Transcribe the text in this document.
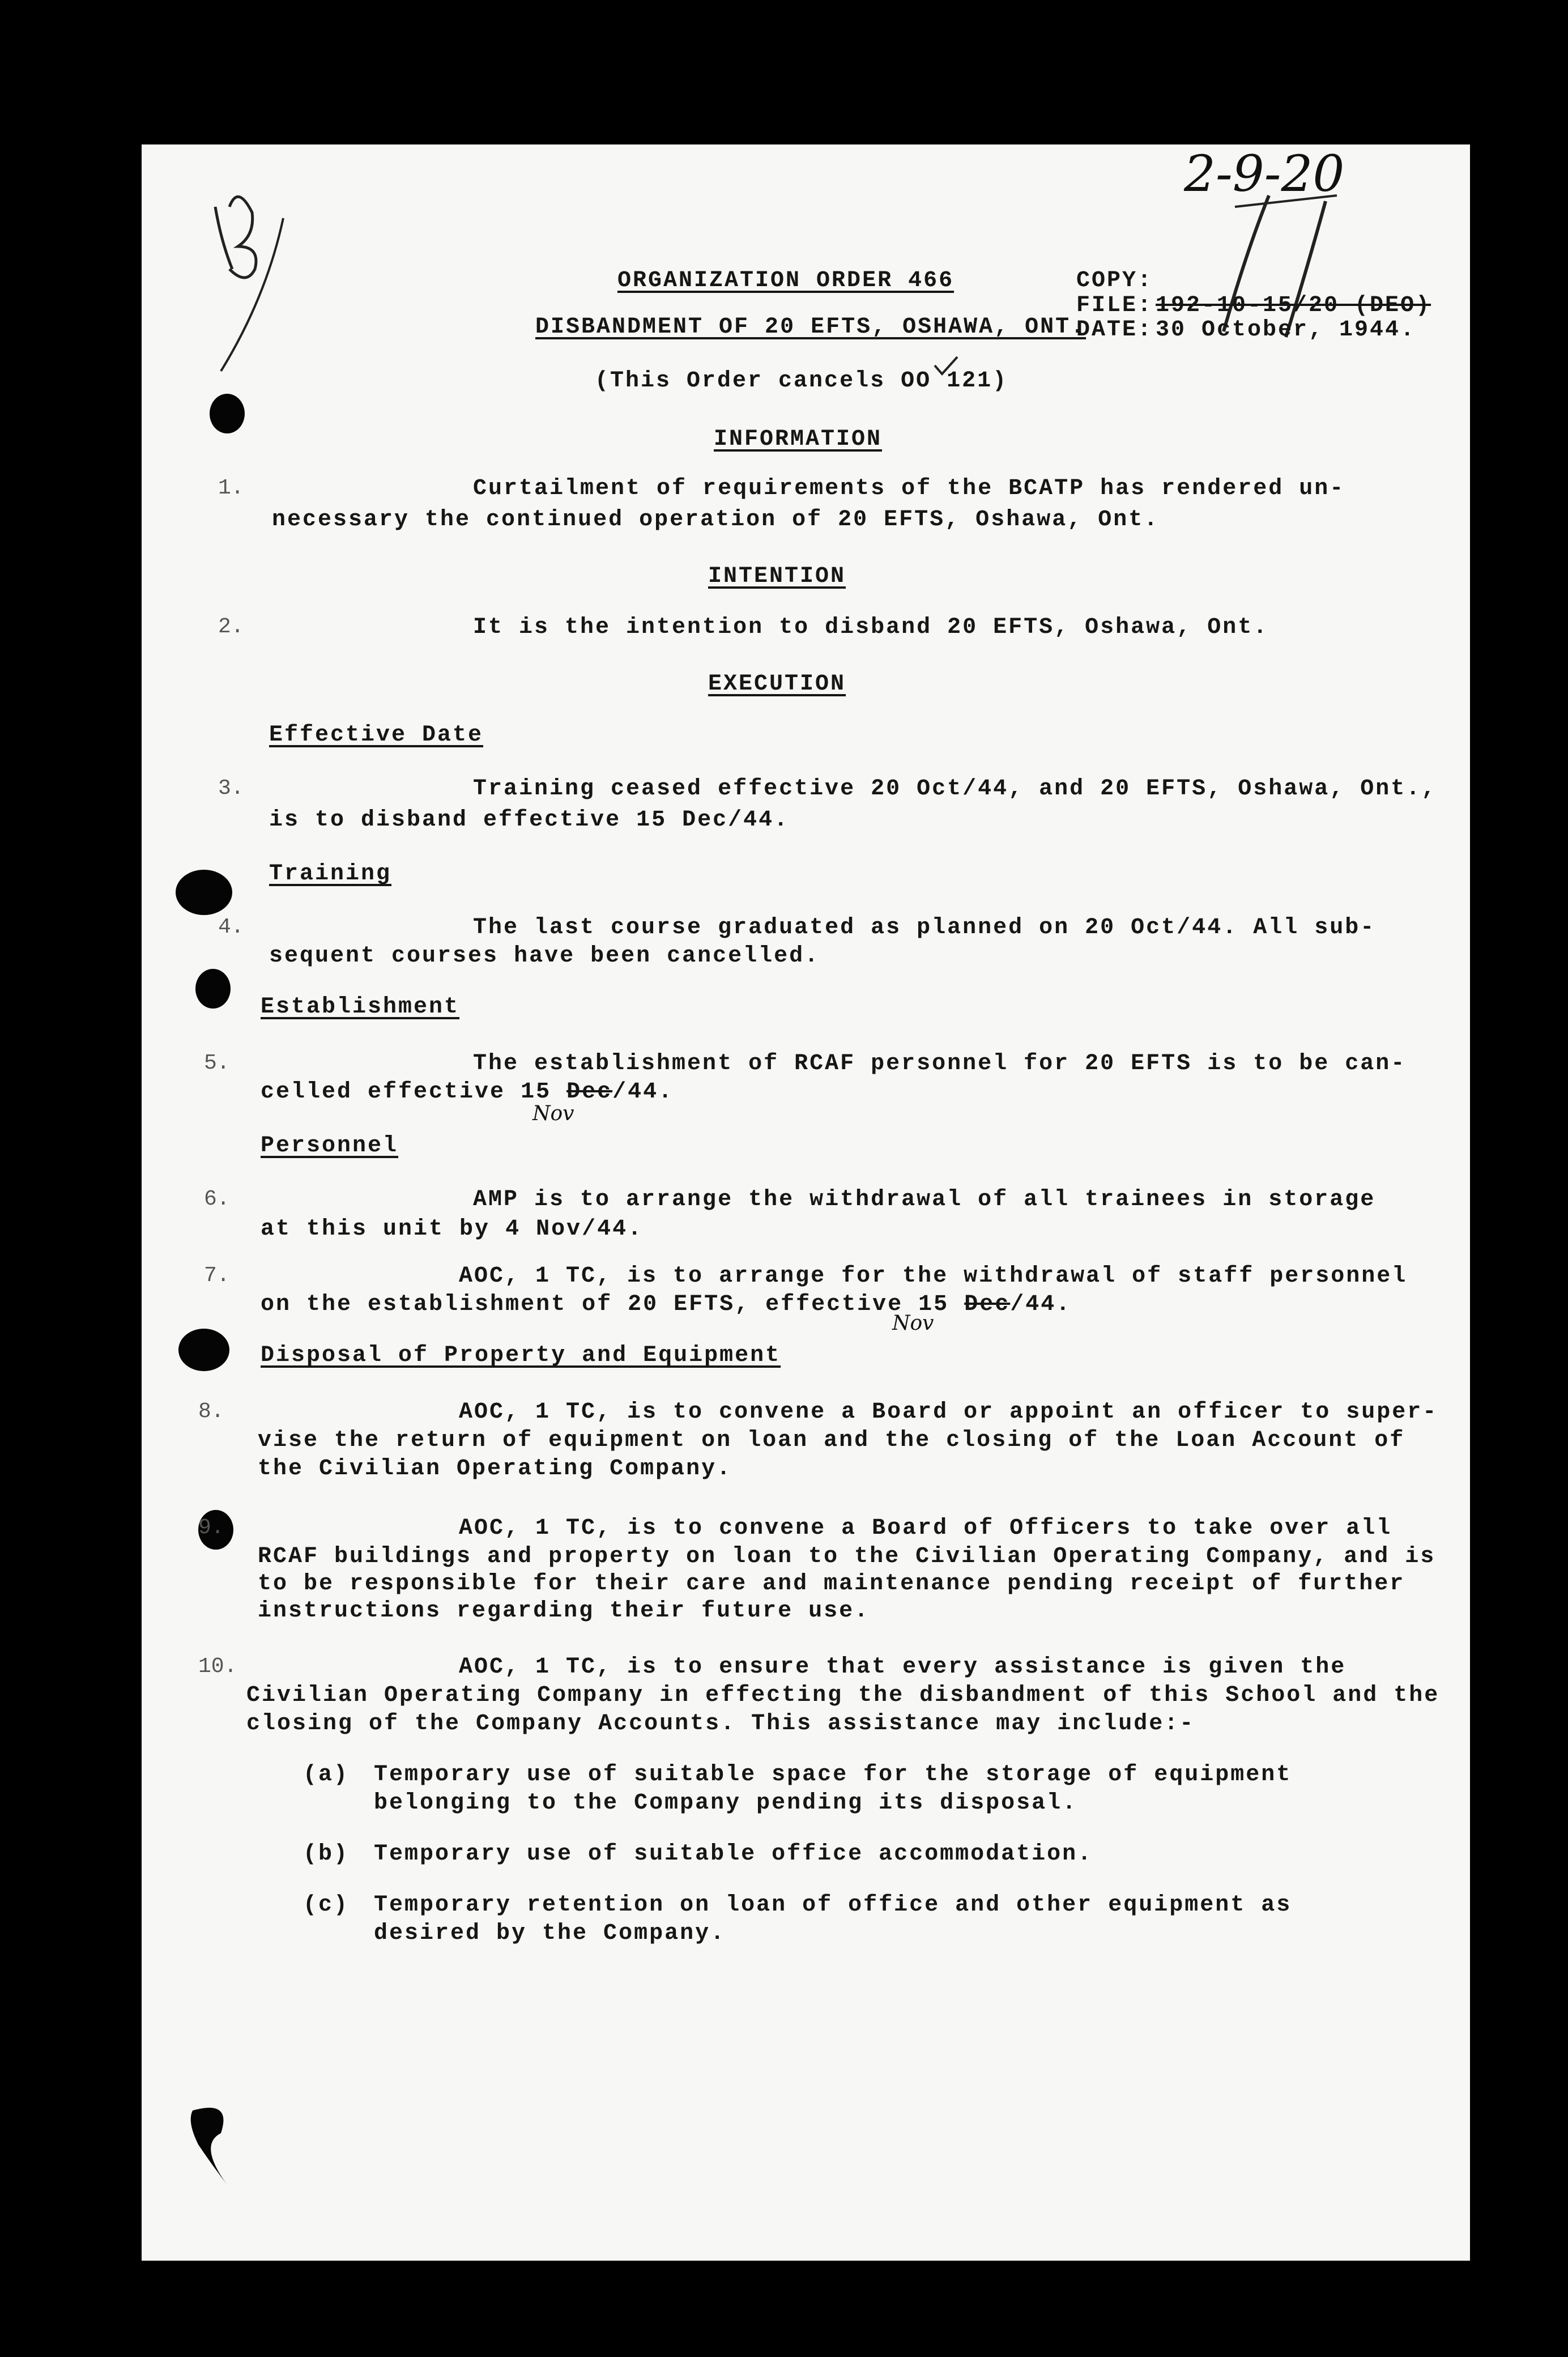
2-9-20
ORGANIZATION ORDER 466
DISBANDMENT OF 20 EFTS, OSHAWA, ONT.
(This Order cancels OO 121)
COPY:
FILE: 192-10-15/20 (DEO)
DATE: 30 October, 1944.
INFORMATION
1.	Curtailment of requirements of the BCATP has rendered un-
necessary the continued operation of 20 EFTS, Oshawa, Ont.
INTENTION
2.	It is the intention to disband 20 EFTS, Oshawa, Ont.
EXECUTION
Effective Date
3.	Training ceased effective 20 Oct/44, and 20 EFTS, Oshawa, Ont.,
is to disband effective 15 Dec/44.
Training
4.	The last course graduated as planned on 20 Oct/44. All sub-
sequent courses have been cancelled.
Establishment
5.	The establishment of RCAF personnel for 20 EFTS is to be can-
celled effective 15 Dec/44.
Nov
Personnel
6.	AMP is to arrange the withdrawal of all trainees in storage
at this unit by 4 Nov/44.
7.	AOC, 1 TC, is to arrange for the withdrawal of staff personnel
on the establishment of 20 EFTS, effective 15 Dec/44.
Nov
Disposal of Property and Equipment
8.	AOC, 1 TC, is to convene a Board or appoint an officer to super-
vise the return of equipment on loan and the closing of the Loan Account of
the Civilian Operating Company.
9.	AOC, 1 TC, is to convene a Board of Officers to take over all
RCAF buildings and property on loan to the Civilian Operating Company, and is
to be responsible for their care and maintenance pending receipt of further
instructions regarding their future use.
10.	AOC, 1 TC, is to ensure that every assistance is given the
Civilian Operating Company in effecting the disbandment of this School and the
closing of the Company Accounts. This assistance may include:-
(a) Temporary use of suitable space for the storage of equipment
belonging to the Company pending its disposal.
(b) Temporary use of suitable office accommodation.
(c) Temporary retention on loan of office and other equipment as
desired by the Company.
